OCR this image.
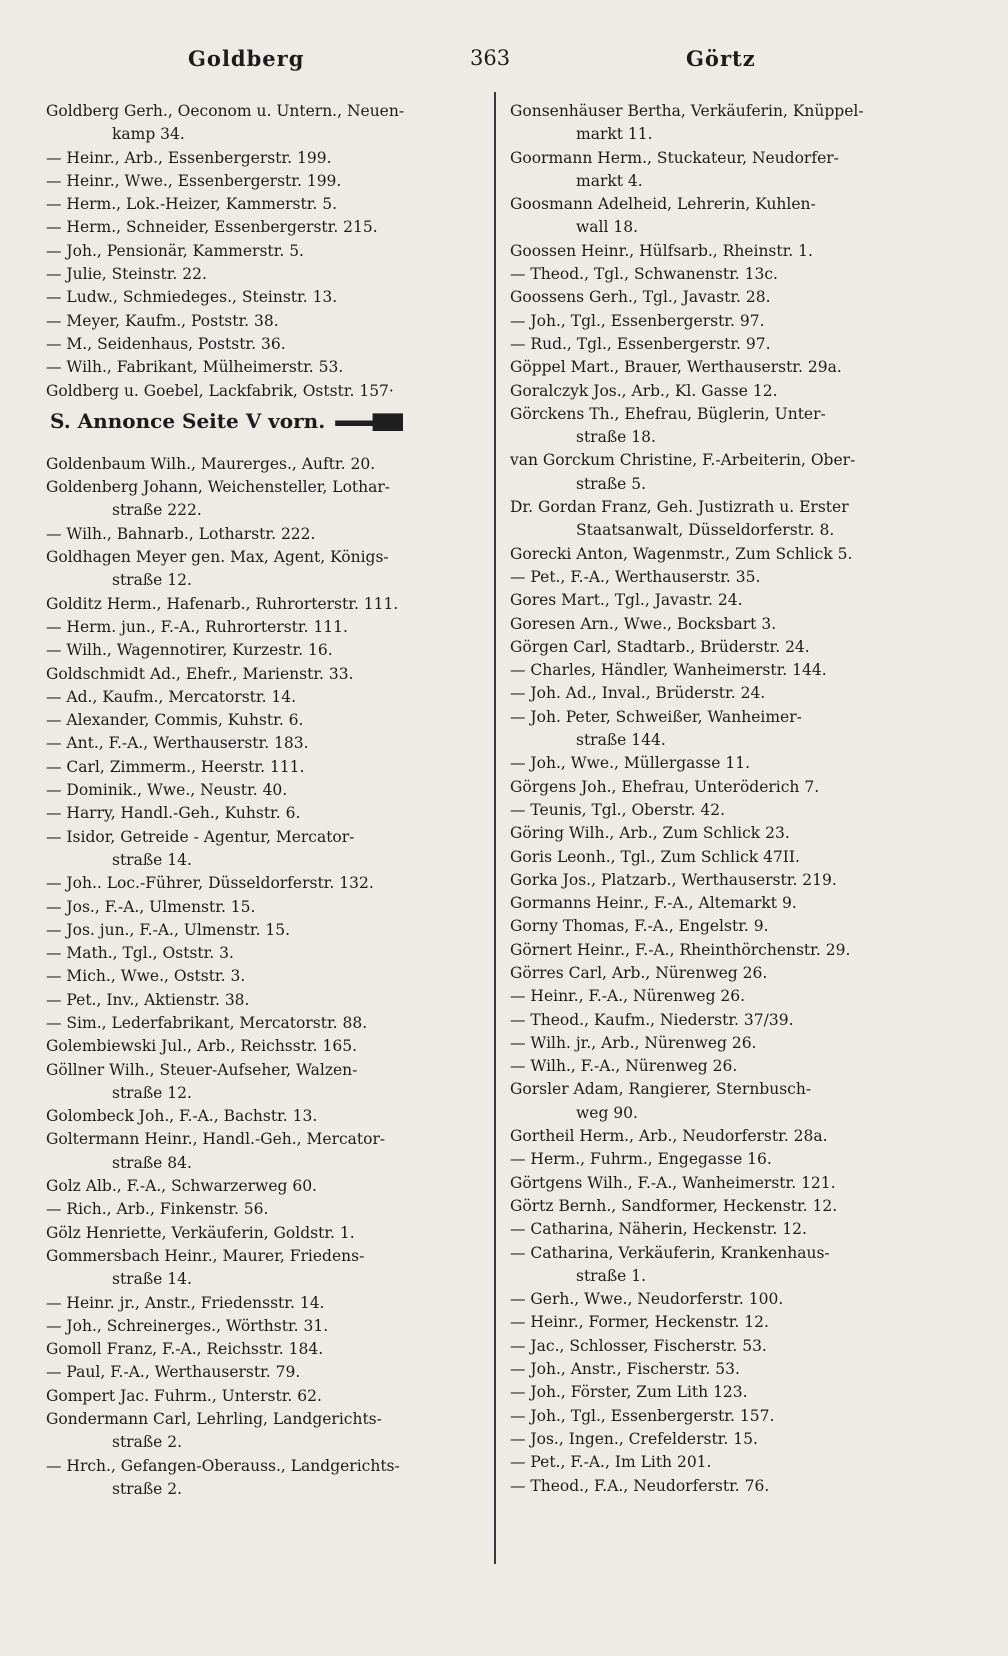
Goldberg	363	Görtz
Goldberg Gerh., Oeconom u. Untern., Neuen-
kamp 34.
— Heinr., Arb., Essenbergerstr. 199.
— Heinr., Wwe., Essenbergerstr. 199.
— Herm., Lok.-Heizer, Kammerstr. 5.
— Herm., Schneider, Essenbergerstr. 215.
— Joh., Pensionär, Kammerstr. 5.
— Julie, Steinstr. 22.
— Ludw., Schmiedeges., Steinstr. 13.
— Meyer, Kaufm., Poststr. 38.
— M., Seidenhaus, Poststr. 36.
— Wilh., Fabrikant, Mülheimerstr. 53.
Goldberg u. Goebel, Lackfabrik, Oststr. 157·
S. Annonce Seite V vorn.
Goldenbaum Wilh., Maurerges., Auftr. 20.
Goldenberg Johann, Weichensteller, Lothar-
straße 222.
— Wilh., Bahnarb., Lotharstr. 222.
Goldhagen Meyer gen. Max, Agent, Königs-
straße 12.
Golditz Herm., Hafenarb., Ruhrorterstr. 111.
— Herm. jun., F.-A., Ruhrorterstr. 111.
— Wilh., Wagennotirer, Kurzestr. 16.
Goldschmidt Ad., Ehefr., Marienstr. 33.
— Ad., Kaufm., Mercatorstr. 14.
— Alexander, Commis, Kuhstr. 6.
— Ant., F.-A., Werthauserstr. 183.
— Carl, Zimmerm., Heerstr. 111.
— Dominik., Wwe., Neustr. 40.
— Harry, Handl.-Geh., Kuhstr. 6.
— Isidor, Getreide - Agentur, Mercator-
straße 14.
— Joh.. Loc.-Führer, Düsseldorferstr. 132.
— Jos., F.-A., Ulmenstr. 15.
— Jos. jun., F.-A., Ulmenstr. 15.
— Math., Tgl., Oststr. 3.
— Mich., Wwe., Oststr. 3.
— Pet., Inv., Aktienstr. 38.
— Sim., Lederfabrikant, Mercatorstr. 88.
Golembiewski Jul., Arb., Reichsstr. 165.
Göllner Wilh., Steuer-Aufseher, Walzen-
straße 12.
Golombeck Joh., F.-A., Bachstr. 13.
Goltermann Heinr., Handl.-Geh., Mercator-
straße 84.
Golz Alb., F.-A., Schwarzerweg 60.
— Rich., Arb., Finkenstr. 56.
Gölz Henriette, Verkäuferin, Goldstr. 1.
Gommersbach Heinr., Maurer, Friedens-
straße 14.
— Heinr. jr., Anstr., Friedensstr. 14.
— Joh., Schreinerges., Wörthstr. 31.
Gomoll Franz, F.-A., Reichsstr. 184.
— Paul, F.-A., Werthauserstr. 79.
Gompert Jac. Fuhrm., Unterstr. 62.
Gondermann Carl, Lehrling, Landgerichts-
straße 2.
— Hrch., Gefangen-Oberauss., Landgerichts-
straße 2.
Gonsenhäuser Bertha, Verkäuferin, Knüppel-
markt 11.
Goormann Herm., Stuckateur, Neudorfer-
markt 4.
Goosmann Adelheid, Lehrerin, Kuhlen-
wall 18.
Goossen Heinr., Hülfsarb., Rheinstr. 1.
— Theod., Tgl., Schwanenstr. 13c.
Goossens Gerh., Tgl., Javastr. 28.
— Joh., Tgl., Essenbergerstr. 97.
— Rud., Tgl., Essenbergerstr. 97.
Göppel Mart., Brauer, Werthauserstr. 29a.
Goralczyk Jos., Arb., Kl. Gasse 12.
Görckens Th., Ehefrau, Büglerin, Unter-
straße 18.
van Gorckum Christine, F.-Arbeiterin, Ober-
straße 5.
Dr. Gordan Franz, Geh. Justizrath u. Erster
Staatsanwalt, Düsseldorferstr. 8.
Gorecki Anton, Wagenmstr., Zum Schlick 5.
— Pet., F.-A., Werthauserstr. 35.
Gores Mart., Tgl., Javastr. 24.
Goresen Arn., Wwe., Bocksbart 3.
Görgen Carl, Stadtarb., Brüderstr. 24.
— Charles, Händler, Wanheimerstr. 144.
— Joh. Ad., Inval., Brüderstr. 24.
— Joh. Peter, Schweißer, Wanheimer-
straße 144.
— Joh., Wwe., Müllergasse 11.
Görgens Joh., Ehefrau, Unteröderich 7.
— Teunis, Tgl., Oberstr. 42.
Göring Wilh., Arb., Zum Schlick 23.
Goris Leonh., Tgl., Zum Schlick 47II.
Gorka Jos., Platzarb., Werthauserstr. 219.
Gormanns Heinr., F.-A., Altemarkt 9.
Gorny Thomas, F.-A., Engelstr. 9.
Görnert Heinr., F.-A., Rheinthörchenstr. 29.
Görres Carl, Arb., Nürenweg 26.
— Heinr., F.-A., Nürenweg 26.
— Theod., Kaufm., Niederstr. 37/39.
— Wilh. jr., Arb., Nürenweg 26.
— Wilh., F.-A., Nürenweg 26.
Gorsler Adam, Rangierer, Sternbusch-
weg 90.
Gortheil Herm., Arb., Neudorferstr. 28a.
— Herm., Fuhrm., Engegasse 16.
Görtgens Wilh., F.-A., Wanheimerstr. 121.
Görtz Bernh., Sandformer, Heckenstr. 12.
— Catharina, Näherin, Heckenstr. 12.
— Catharina, Verkäuferin, Krankenhaus-
straße 1.
— Gerh., Wwe., Neudorferstr. 100.
— Heinr., Former, Heckenstr. 12.
— Jac., Schlosser, Fischerstr. 53.
— Joh., Anstr., Fischerstr. 53.
— Joh., Förster, Zum Lith 123.
— Joh., Tgl., Essenbergerstr. 157.
— Jos., Ingen., Crefelderstr. 15.
— Pet., F.-A., Im Lith 201.
— Theod., F.A., Neudorferstr. 76.
